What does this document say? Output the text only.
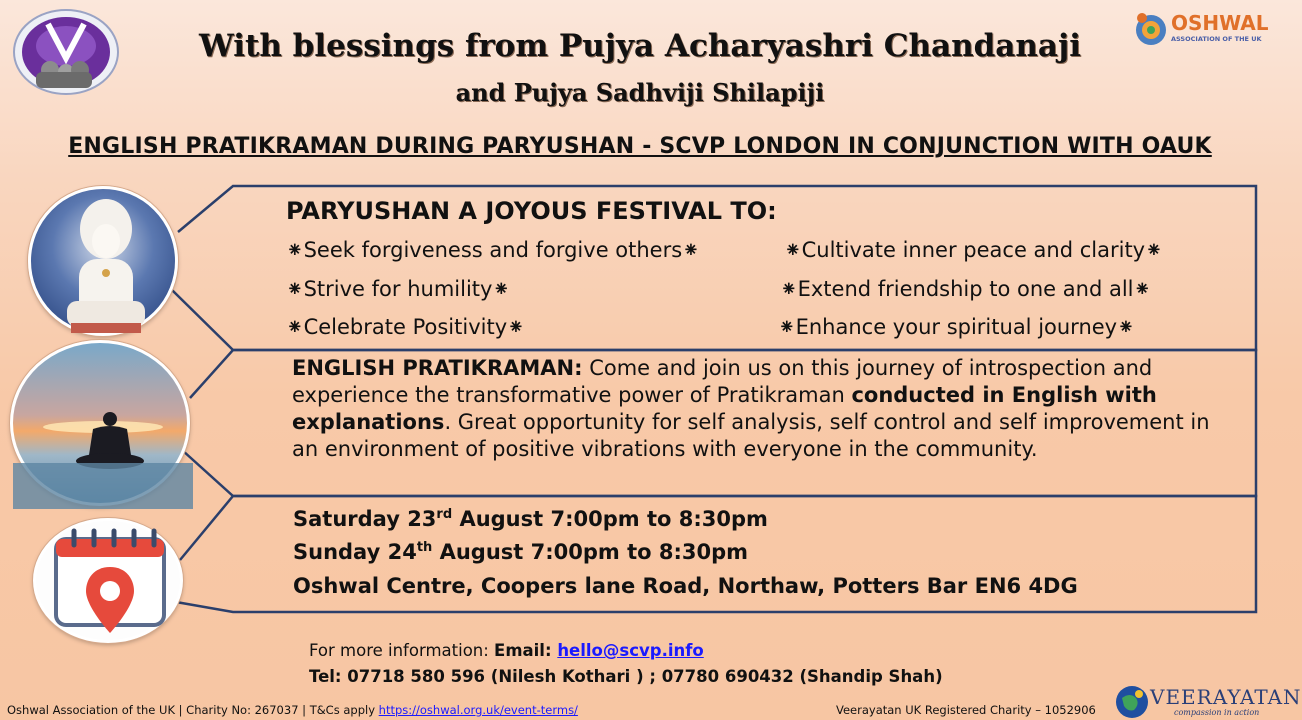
OSHWAL
ASSOCIATION OF THE UK
With blessings from Pujya Acharyashri Chandanaji
and Pujya Sadhviji Shilapiji
ENGLISH PRATIKRAMAN DURING PARYUSHAN - SCVP LONDON IN CONJUNCTION WITH OAUK
PARYUSHAN A JOYOUS FESTIVAL TO:
⁕Seek forgiveness and forgive others⁕
⁕Strive for humility⁕
⁕Celebrate Positivity⁕
⁕Cultivate inner peace and clarity⁕
⁕Extend friendship to one and all⁕
⁕Enhance your spiritual journey⁕
ENGLISH PRATIKRAMAN: Come and join us on this journey of introspection and experience the transformative power of Pratikraman conducted in English with explanations. Great opportunity for self analysis, self control and self improvement in an environment of positive vibrations with everyone in the community.
Saturday 23rd August 7:00pm to 8:30pm
Sunday 24th August 7:00pm to 8:30pm
Oshwal Centre, Coopers lane Road, Northaw, Potters Bar EN6 4DG
For more information: Email: hello@scvp.info
Tel: 07718 580 596 (Nilesh Kothari ) ; 07780 690432 (Shandip Shah)
Oshwal Association of the UK | Charity No: 267037 | T&Cs apply https://oshwal.org.uk/event-terms/	Veerayatan UK Registered Charity – 1052906
VEERAYATAN
compassion in action
